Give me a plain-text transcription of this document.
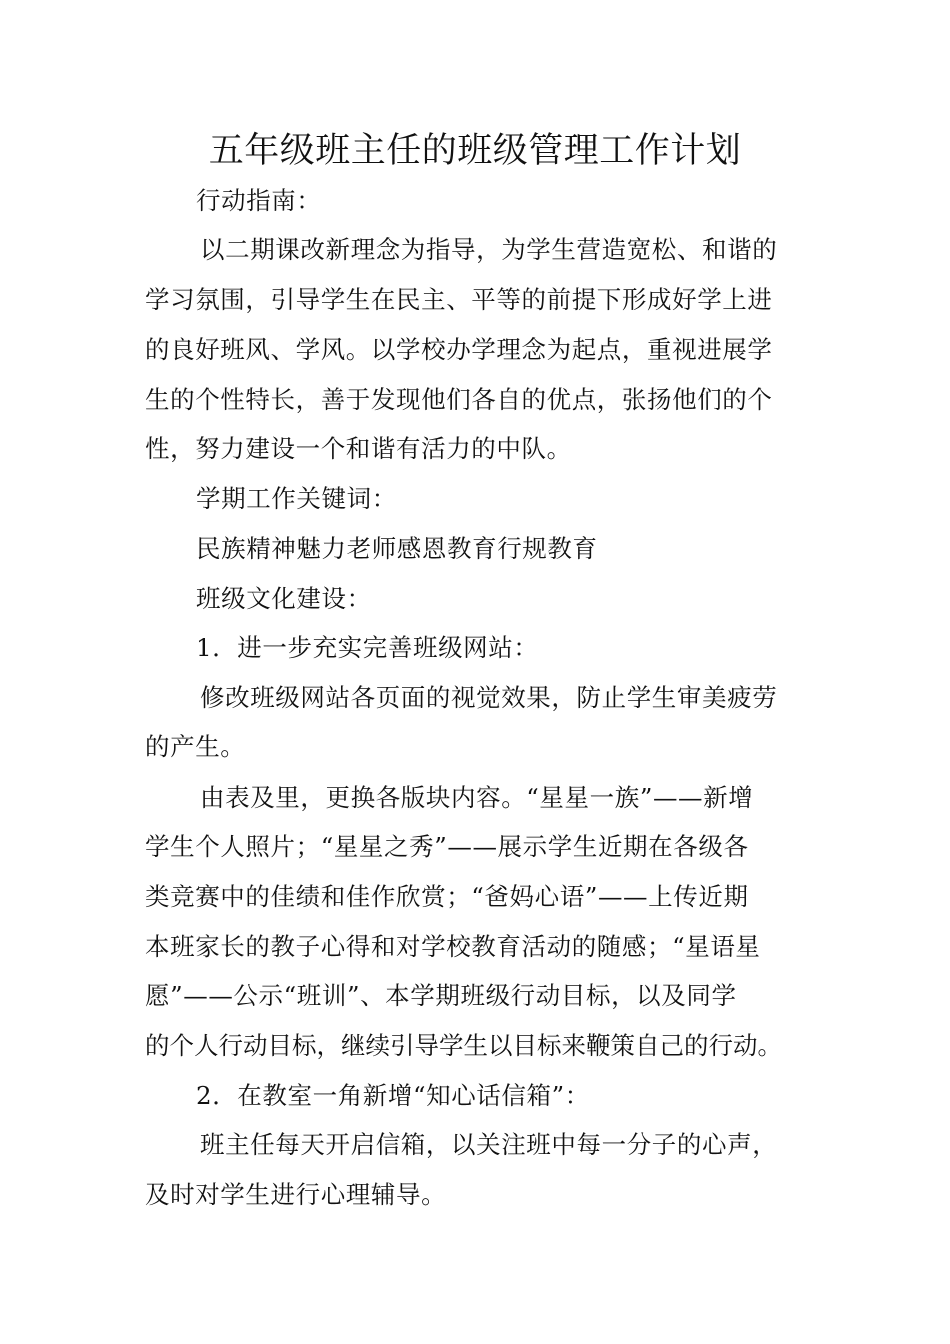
五年级班主任的班级管理工作计划

行动指南：

以二期课改新理念为指导，为学生营造宽松、和谐的

学习氛围，引导学生在民主、平等的前提下形成好学上进

的良好班风、学风。以学校办学理念为起点，重视进展学

生的个性特长，善于发现他们各自的优点，张扬他们的个

性，努力建设一个和谐有活力的中队。

学期工作关键词：

民族精神魅力老师感恩教育行规教育

班级文化建设：

1．进一步充实完善班级网站：

修改班级网站各页面的视觉效果，防止学生审美疲劳

的产生。

由表及里，更换各版块内容。“星星一族”——新增

学生个人照片；“星星之秀”——展示学生近期在各级各

类竞赛中的佳绩和佳作欣赏；“爸妈心语”——上传近期

本班家长的教子心得和对学校教育活动的随感；“星语星

愿”——公示“班训”、本学期班级行动目标，以及同学

的个人行动目标，继续引导学生以目标来鞭策自己的行动。

2．在教室一角新增“知心话信箱”：

班主任每天开启信箱，以关注班中每一分子的心声，

及时对学生进行心理辅导。
